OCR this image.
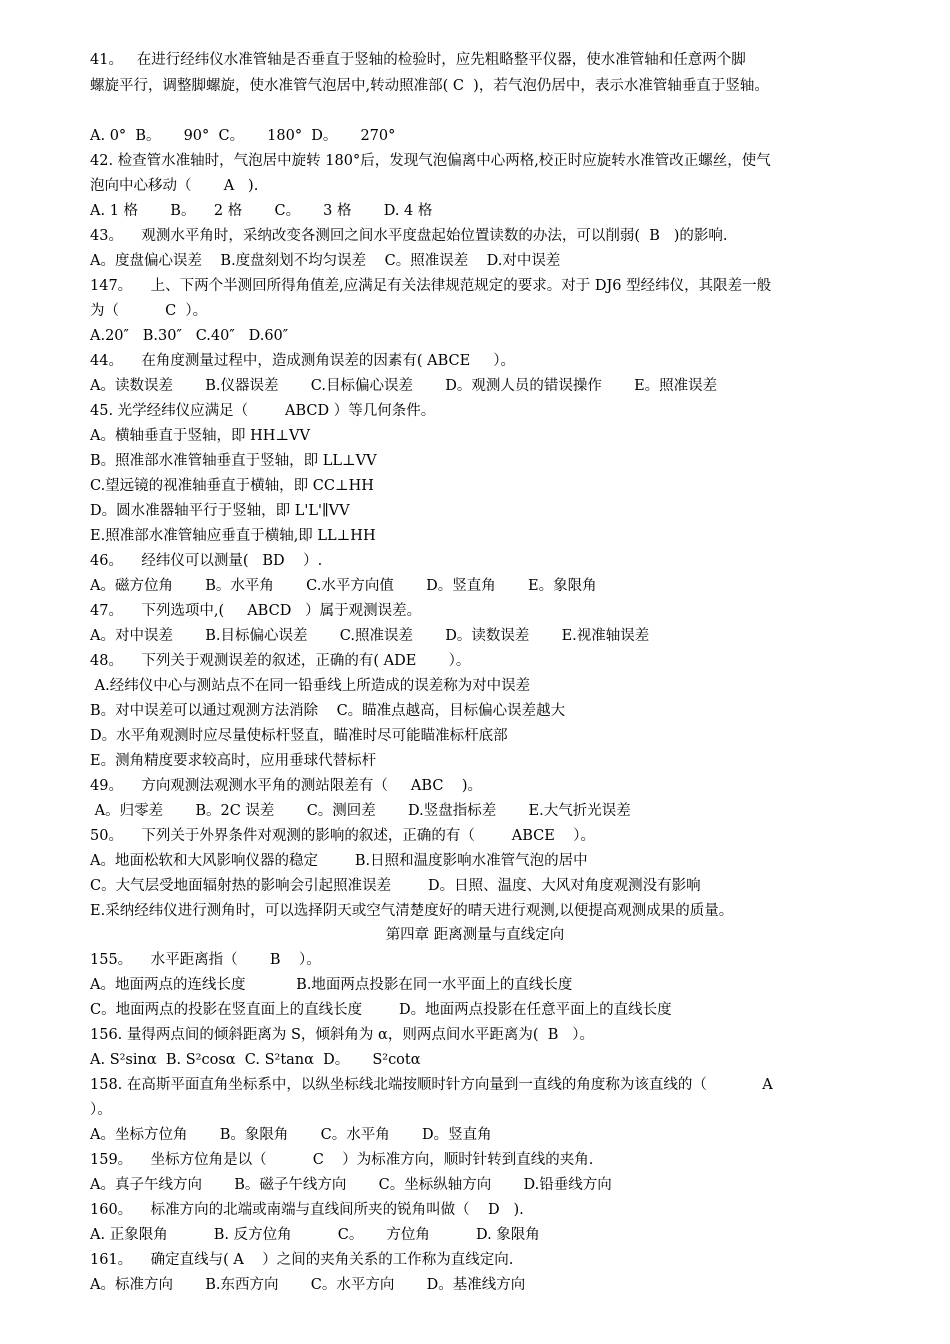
41。   在进行经纬仪水准管轴是否垂直于竖轴的检验时，应先粗略整平仪器，使水准管轴和任意两个脚
螺旋平行，调整脚螺旋，使水准管气泡居中,转动照准部( C  )，若气泡仍居中，表示水准管轴垂直于竖轴。
A. 0°  B。     90°  C。     180°  D。     270°
42. 检查管水准轴时，气泡居中旋转 180°后，发现气泡偏离中心两格,校正时应旋转水准管改正螺丝，使气
泡向中心移动（       A   ).
A. 1 格       B。    2 格       C。     3 格       D. 4 格
43。    观测水平角时，采纳改变各测回之间水平度盘起始位置读数的办法，可以削弱(  B   )的影响.
A。度盘偏心误差    B.度盘刻划不均匀误差    C。照准误差    D.对中误差
147。    上、下两个半测回所得角值差,应满足有关法律规范规定的要求。对于 DJ6 型经纬仪，其限差一般
为（          C  ）。
A.20″   B.30″   C.40″   D.60″
44。    在角度测量过程中，造成测角误差的因素有( ABCE     ）。
A。读数误差       B.仪器误差       C.目标偏心误差       D。观测人员的错误操作       E。照准误差
45. 光学经纬仪应满足（        ABCD ）等几何条件。
A。横轴垂直于竖轴，即 HH⊥VV
B。照准部水准管轴垂直于竖轴，即 LL⊥VV
C.望远镜的视准轴垂直于横轴，即 CC⊥HH
D。圆水准器轴平行于竖轴，即 L'L'∥VV
E.照准部水准管轴应垂直于横轴,即 LL⊥HH
46。    经纬仪可以测量(   BD    ）.
A。磁方位角       B。水平角       C.水平方向值       D。竖直角       E。象限角
47。    下列选项中,(     ABCD   ）属于观测误差。
A。对中误差       B.目标偏心误差       C.照准误差       D。读数误差       E.视准轴误差
48。    下列关于观测误差的叙述，正确的有( ADE       ）。
A.经纬仪中心与测站点不在同一铅垂线上所造成的误差称为对中误差
B。对中误差可以通过观测方法消除    C。瞄准点越高，目标偏心误差越大
D。水平角观测时应尽量使标杆竖直，瞄准时尽可能瞄准标杆底部
E。测角精度要求较高时，应用垂球代替标杆
49。    方向观测法观测水平角的测站限差有（     ABC    )。
A。归零差       B。2C 误差       C。测回差       D.竖盘指标差       E.大气折光误差
50。    下列关于外界条件对观测的影响的叙述，正确的有（        ABCE    ）。
A。地面松软和大风影响仪器的稳定        B.日照和温度影响水准管气泡的居中
C。大气层受地面辐射热的影响会引起照准误差        D。日照、温度、大风对角度观测没有影响
E.采纳经纬仪进行测角时，可以选择阴天或空气清楚度好的晴天进行观测,以便提高观测成果的质量。
第四章 距离测量与直线定向
155。    水平距离指（       B    ）。
A。地面两点的连线长度           B.地面两点投影在同一水平面上的直线长度
C。地面两点的投影在竖直面上的直线长度        D。地面两点投影在任意平面上的直线长度
156. 量得两点间的倾斜距离为 S，倾斜角为 α，则两点间水平距离为(  B   ）。
A. S²sinα  B. S²cosα  C. S²tanα  D。     S²cotα
158. 在高斯平面直角坐标系中，以纵坐标线北端按顺时针方向量到一直线的角度称为该直线的（            A
）。
A。坐标方位角       B。象限角       C。水平角       D。竖直角
159。    坐标方位角是以（          C    ）为标准方向，顺时针转到直线的夹角.
A。真子午线方向       B。磁子午线方向       C。坐标纵轴方向       D.铅垂线方向
160。    标准方向的北端或南端与直线间所夹的锐角叫做（    D   ).
A. 正象限角          B. 反方位角          C。     方位角          D. 象限角
161。    确定直线与( A    ）之间的夹角关系的工作称为直线定向.
A。标准方向       B.东西方向       C。水平方向       D。基准线方向
